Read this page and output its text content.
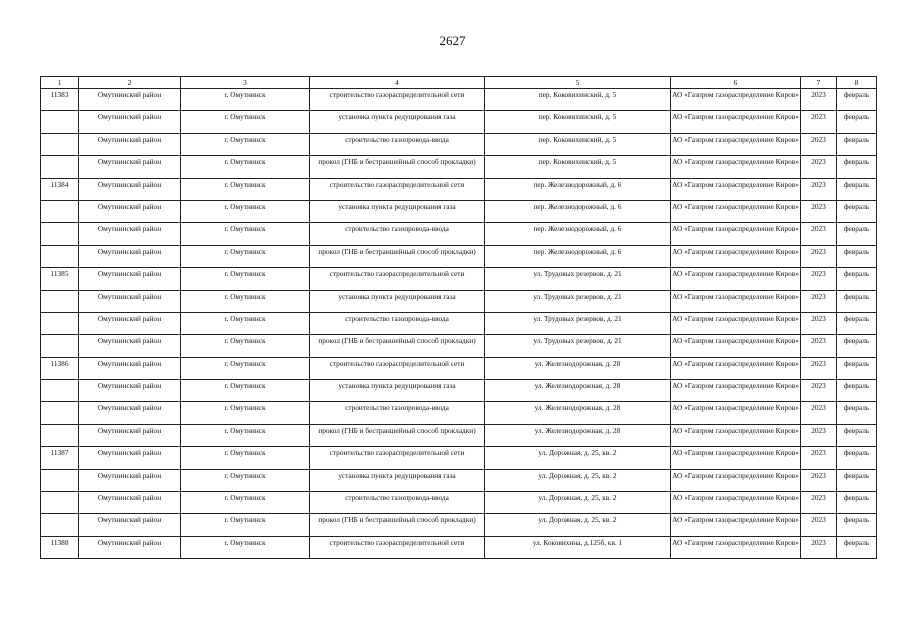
2627
1	2	3	4	5	6	7	8
11383	Омутнинский район	г. Омутнинск	строительство газораспределительной сети	пер. Коковихинский, д. 5	АО «Газпром газораспределение Киров»	2023	февраль
	Омутнинский район	г. Омутнинск	установка пункта редуцирования газа	пер. Коковихинский, д. 5	АО «Газпром газораспределение Киров»	2023	февраль
	Омутнинский район	г. Омутнинск	строительство газопровода-ввода	пер. Коковихинский, д. 5	АО «Газпром газораспределение Киров»	2023	февраль
	Омутнинский район	г. Омутнинск	прокол (ГНБ и бестраншейный способ прокладки)	пер. Коковихинский, д. 5	АО «Газпром газораспределение Киров»	2023	февраль
11384	Омутнинский район	г. Омутнинск	строительство газораспределительной сети	пер. Железнодорожный, д. 6	АО «Газпром газораспределение Киров»	2023	февраль
	Омутнинский район	г. Омутнинск	установка пункта редуцирования газа	пер. Железнодорожный, д. 6	АО «Газпром газораспределение Киров»	2023	февраль
	Омутнинский район	г. Омутнинск	строительство газопровода-ввода	пер. Железнодорожный, д. 6	АО «Газпром газораспределение Киров»	2023	февраль
	Омутнинский район	г. Омутнинск	прокол (ГНБ и бестраншейный способ прокладки)	пер. Железнодорожный, д. 6	АО «Газпром газораспределение Киров»	2023	февраль
11385	Омутнинский район	г. Омутнинск	строительство газораспределительной сети	ул. Трудовых резервов, д. 21	АО «Газпром газораспределение Киров»	2023	февраль
	Омутнинский район	г. Омутнинск	установка пункта редуцирования газа	ул. Трудовых резервов, д. 21	АО «Газпром газораспределение Киров»	2023	февраль
	Омутнинский район	г. Омутнинск	строительство газопровода-ввода	ул. Трудовых резервов, д. 21	АО «Газпром газораспределение Киров»	2023	февраль
	Омутнинский район	г. Омутнинск	прокол (ГНБ и бестраншейный способ прокладки)	ул. Трудовых резервов, д. 21	АО «Газпром газораспределение Киров»	2023	февраль
11386	Омутнинский район	г. Омутнинск	строительство газораспределительной сети	ул. Железнодорожная, д. 28	АО «Газпром газораспределение Киров»	2023	февраль
	Омутнинский район	г. Омутнинск	установка пункта редуцирования газа	ул. Железнодорожная, д. 28	АО «Газпром газораспределение Киров»	2023	февраль
	Омутнинский район	г. Омутнинск	строительство газопровода-ввода	ул. Железнодорожная, д. 28	АО «Газпром газораспределение Киров»	2023	февраль
	Омутнинский район	г. Омутнинск	прокол (ГНБ и бестраншейный способ прокладки)	ул. Железнодорожная, д. 28	АО «Газпром газораспределение Киров»	2023	февраль
11387	Омутнинский район	г. Омутнинск	строительство газораспределительной сети	ул. Дорожная, д. 25, кв. 2	АО «Газпром газораспределение Киров»	2023	февраль
	Омутнинский район	г. Омутнинск	установка пункта редуцирования газа	ул. Дорожная, д. 25, кв. 2	АО «Газпром газораспределение Киров»	2023	февраль
	Омутнинский район	г. Омутнинск	строительство газопровода-ввода	ул. Дорожная, д. 25, кв. 2	АО «Газпром газораспределение Киров»	2023	февраль
	Омутнинский район	г. Омутнинск	прокол (ГНБ и бестраншейный способ прокладки)	ул. Дорожная, д. 25, кв. 2	АО «Газпром газораспределение Киров»	2023	февраль
11388	Омутнинский район	г. Омутнинск	строительство газораспределительной сети	ул. Коковихина, д.125б, кв. 1	АО «Газпром газораспределение Киров»	2023	февраль
